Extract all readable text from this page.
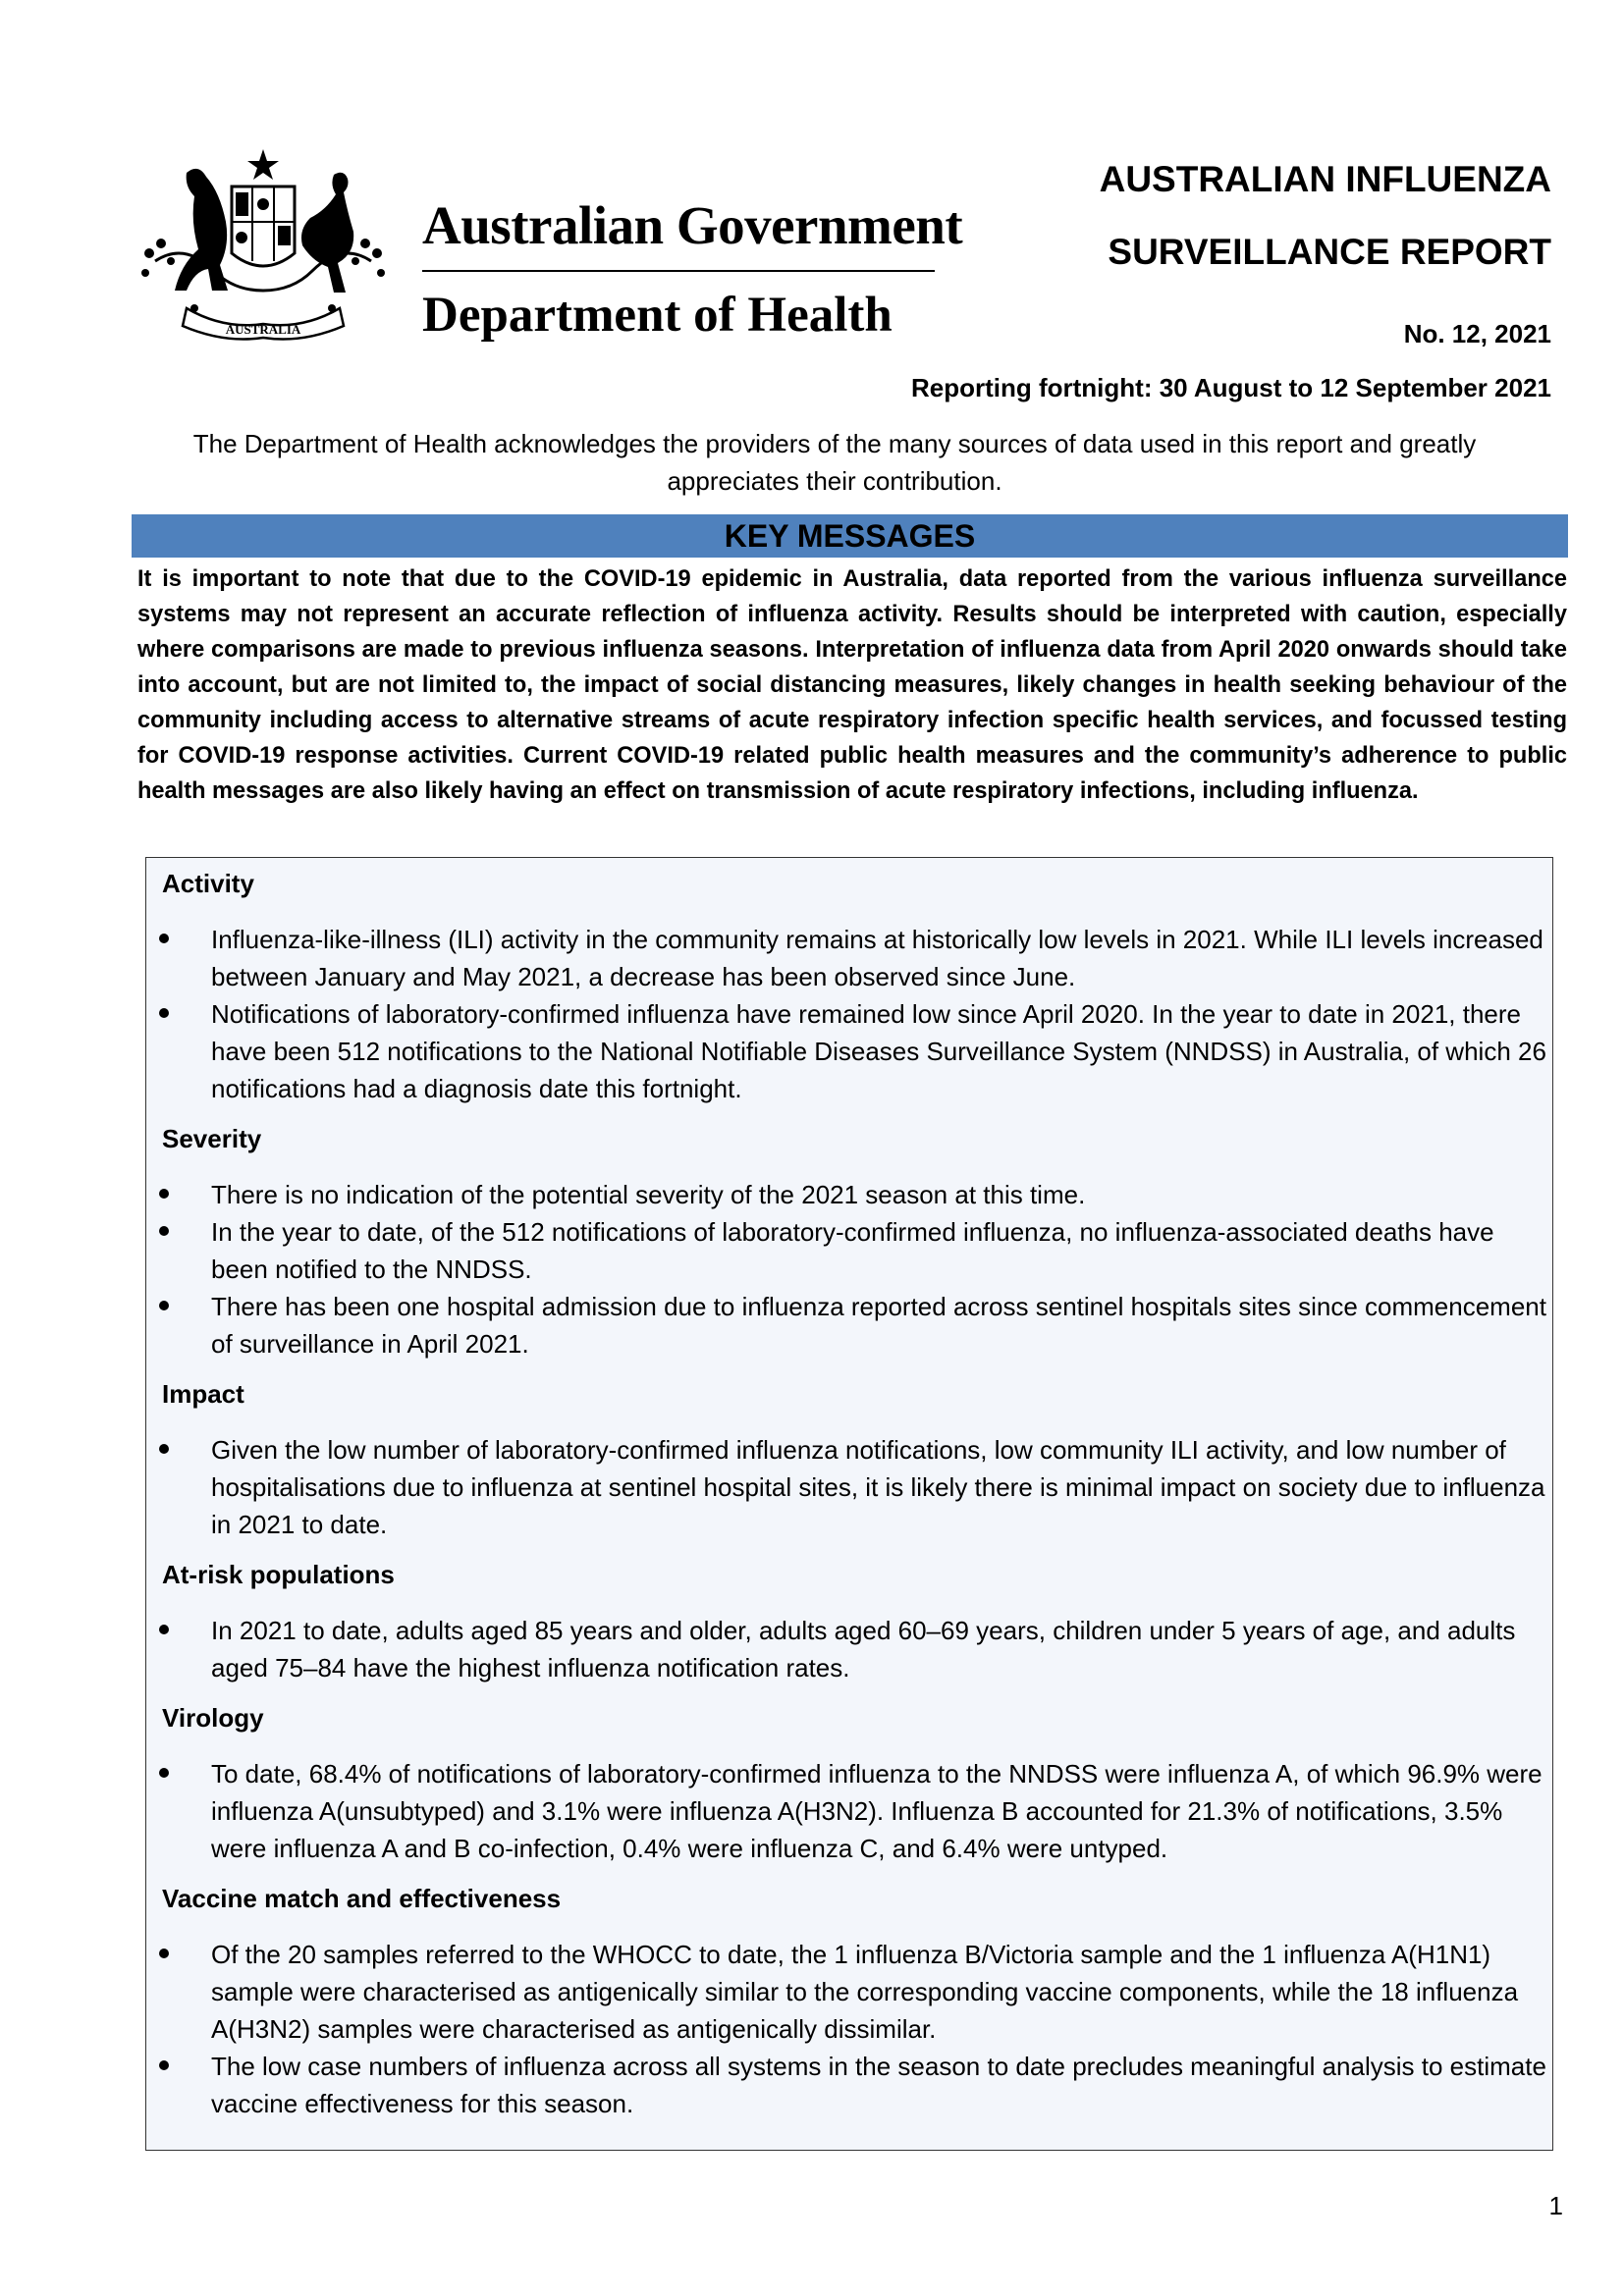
AUSTRALIA
Australian Government
Department of Health
AUSTRALIAN INFLUENZA
SURVEILLANCE REPORT
No. 12, 2021
Reporting fortnight: 30 August to 12 September 2021
The Department of Health acknowledges the providers of the many sources of data used in this report and greatly appreciates their contribution.
KEY MESSAGES
It is important to note that due to the COVID-19 epidemic in Australia, data reported from the various influenza surveillance systems may not represent an accurate reflection of influenza activity. Results should be interpreted with caution, especially where comparisons are made to previous influenza seasons. Interpretation of influenza data from April 2020 onwards should take into account, but are not limited to, the impact of social distancing measures, likely changes in health seeking behaviour of the community including access to alternative streams of acute respiratory infection specific health services, and focussed testing for COVID-19 response activities. Current COVID-19 related public health measures and the community’s adherence to public health messages are also likely having an effect on transmission of acute respiratory infections, including influenza.
Activity
Influenza-like-illness (ILI) activity in the community remains at historically low levels in 2021. While ILI levels increased between January and May 2021, a decrease has been observed since June.
Notifications of laboratory-confirmed influenza have remained low since April 2020. In the year to date in 2021, there have been 512 notifications to the National Notifiable Diseases Surveillance System (NNDSS) in Australia, of which 26 notifications had a diagnosis date this fortnight.
Severity
There is no indication of the potential severity of the 2021 season at this time.
In the year to date, of the 512 notifications of laboratory-confirmed influenza, no influenza-associated deaths have been notified to the NNDSS.
There has been one hospital admission due to influenza reported across sentinel hospitals sites since commencement of surveillance in April 2021.
Impact
Given the low number of laboratory-confirmed influenza notifications, low community ILI activity, and low number of hospitalisations due to influenza at sentinel hospital sites, it is likely there is minimal impact on society due to influenza in 2021 to date.
At-risk populations
In 2021 to date, adults aged 85 years and older, adults aged 60–69 years, children under 5 years of age, and adults aged 75–84 have the highest influenza notification rates.
Virology
To date, 68.4% of notifications of laboratory-confirmed influenza to the NNDSS were influenza A, of which 96.9% were influenza A(unsubtyped) and 3.1% were influenza A(H3N2). Influenza B accounted for 21.3% of notifications, 3.5% were influenza A and B co-infection, 0.4% were influenza C, and 6.4% were untyped.
Vaccine match and effectiveness
Of the 20 samples referred to the WHOCC to date, the 1 influenza B/Victoria sample and the 1 influenza A(H1N1) sample were characterised as antigenically similar to the corresponding vaccine components, while the 18 influenza A(H3N2) samples were characterised as antigenically dissimilar.
The low case numbers of influenza across all systems in the season to date precludes meaningful analysis to estimate vaccine effectiveness for this season.
1
